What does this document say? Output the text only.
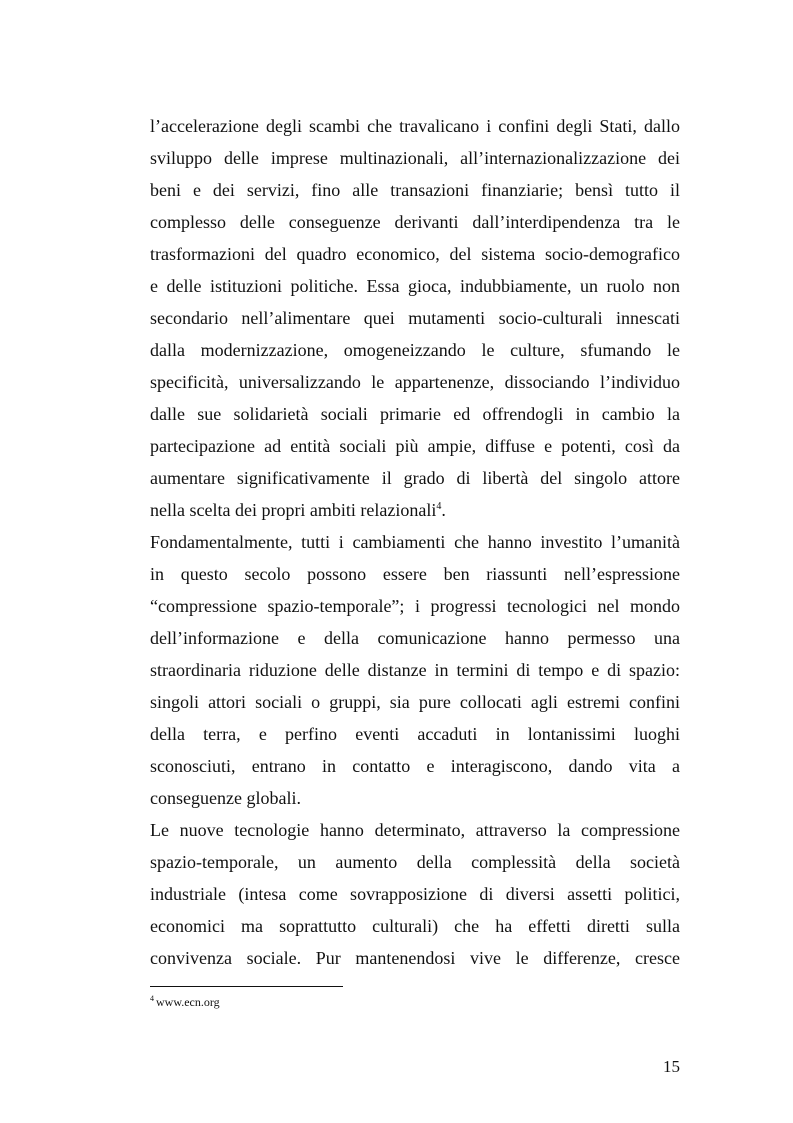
l’accelerazione degli scambi che travalicano i confini degli Stati, dallo
sviluppo delle imprese multinazionali, all’internazionalizzazione dei
beni e dei servizi, fino alle transazioni finanziarie; bensì tutto il
complesso delle conseguenze derivanti dall’interdipendenza tra le
trasformazioni del quadro economico, del sistema socio-demografico
e delle istituzioni politiche. Essa gioca, indubbiamente, un ruolo non
secondario nell’alimentare quei mutamenti socio-culturali innescati
dalla modernizzazione, omogeneizzando le culture, sfumando le
specificità, universalizzando le appartenenze, dissociando l’individuo
dalle sue solidarietà sociali primarie ed offrendogli in cambio la
partecipazione ad entità sociali più ampie, diffuse e potenti, così da
aumentare significativamente il grado di libertà del singolo attore
nella scelta dei propri ambiti relazionali$^4$.
Fondamentalmente, tutti i cambiamenti che hanno investito l’umanità
in questo secolo possono essere ben riassunti nell’espressione
“compressione spazio-temporale”; i progressi tecnologici nel mondo
dell’informazione e della comunicazione hanno permesso una
straordinaria riduzione delle distanze in termini di tempo e di spazio:
singoli attori sociali o gruppi, sia pure collocati agli estremi confini
della terra, e perfino eventi accaduti in lontanissimi luoghi
sconosciuti, entrano in contatto e interagiscono, dando vita a
conseguenze globali.
Le nuove tecnologie hanno determinato, attraverso la compressione
spazio-temporale, un aumento della complessità della società
industriale (intesa come sovrapposizione di diversi assetti politici,
economici ma soprattutto culturali) che ha effetti diretti sulla
convivenza sociale. Pur mantenendosi vive le differenze, cresce
$^4$ www.ecn.org
15
